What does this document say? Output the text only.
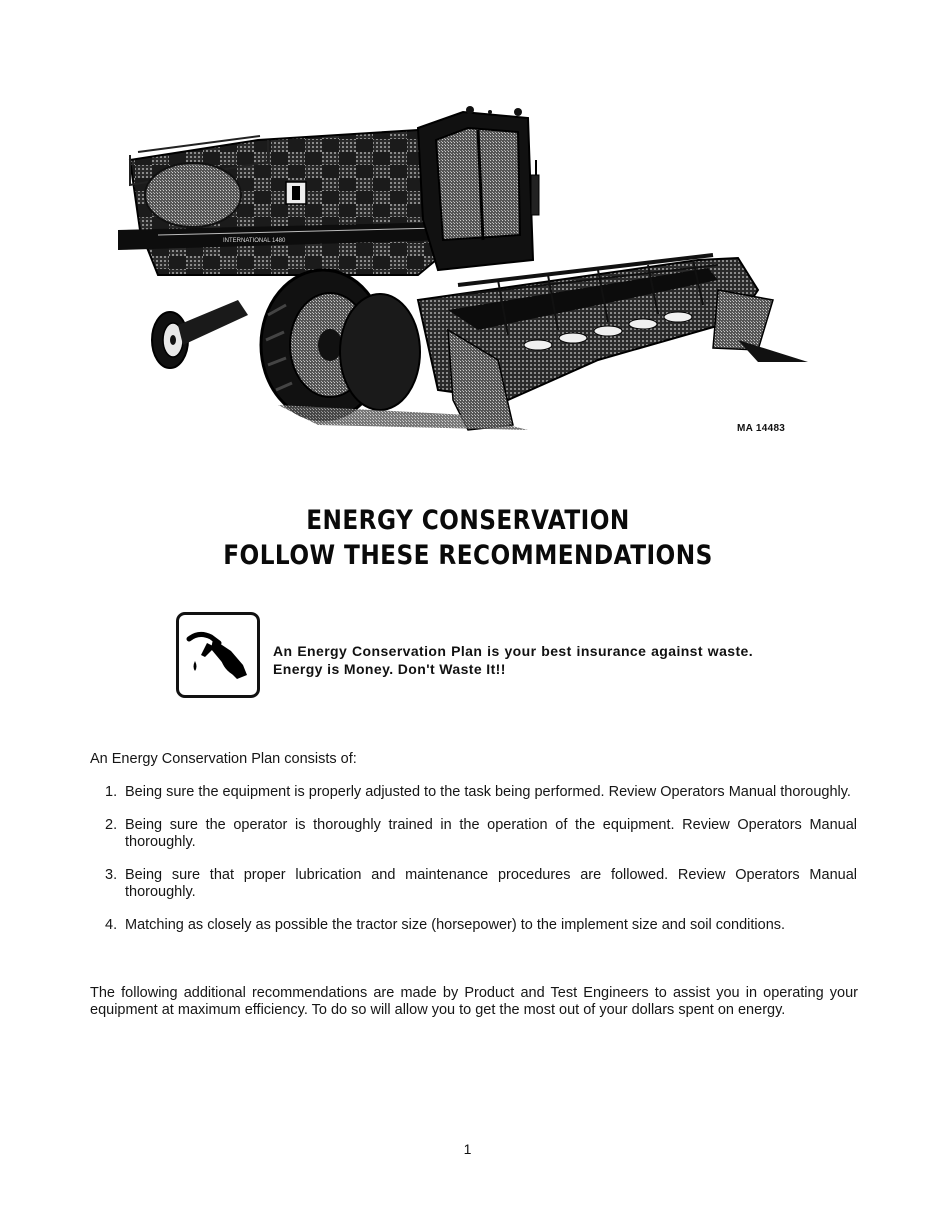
INTERNATIONAL 1480
MA 14483
ENERGY CONSERVATION
FOLLOW THESE RECOMMENDATIONS
An Energy Conservation Plan is your best insurance against waste. Energy is Money. Don't Waste It!!
An Energy Conservation Plan consists of:
1. Being sure the equipment is properly adjusted to the task being performed. Review Operators Manual thoroughly.
2. Being sure the operator is thoroughly trained in the operation of the equipment. Review Operators Manual thoroughly.
3. Being sure that proper lubrication and maintenance procedures are followed. Review Operators Manual thoroughly.
4. Matching as closely as possible the tractor size (horsepower) to the implement size and soil conditions.
The following additional recommendations are made by Product and Test Engineers to assist you in operating your equipment at maximum efficiency. To do so will allow you to get the most out of your dollars spent on energy.
1
